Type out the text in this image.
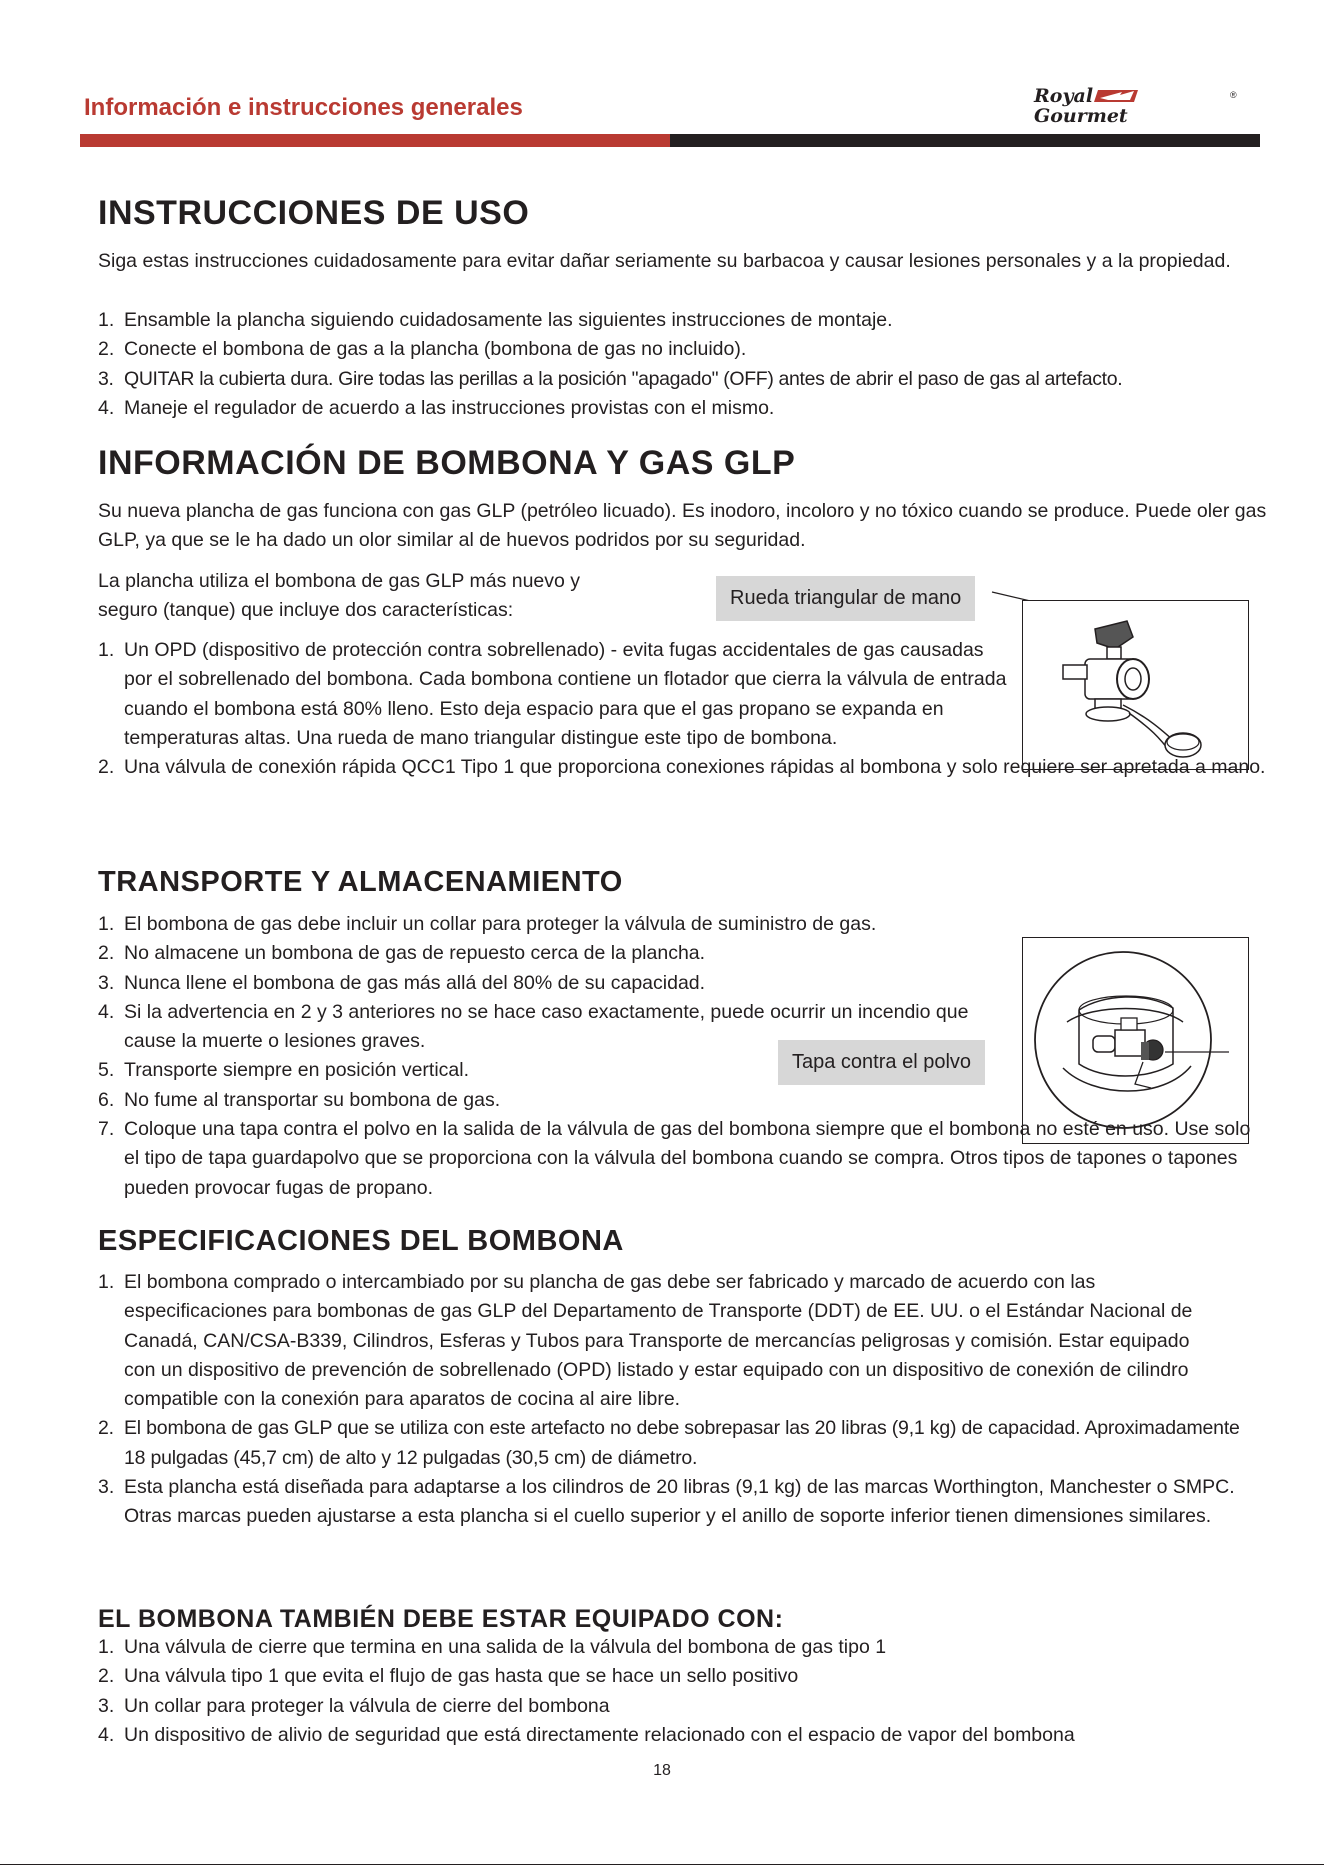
Información e instrucciones generales	Royal
Gourmet
®
INSTRUCCIONES DE USO

Siga estas instrucciones cuidadosamente para evitar dañar seriamente su barbacoa y causar lesiones personales y a la propiedad.

1. Ensamble la plancha siguiendo cuidadosamente las siguientes instrucciones de montaje.
2. Conecte el bombona de gas a la plancha (bombona de gas no incluido).
3. QUITAR la cubierta dura. Gire todas las perillas a la posición "apagado" (OFF) antes de abrir el paso de gas al artefacto.
4. Maneje el regulador de acuerdo a las instrucciones provistas con el mismo.
INFORMACIÓN DE BOMBONA Y GAS GLP

Su nueva plancha de gas funciona con gas GLP (petróleo licuado). Es inodoro, incoloro y no tóxico cuando se produce. Puede oler gas GLP, ya que se le ha dado un olor similar al de huevos podridos por su seguridad.

La plancha utiliza el bombona de gas GLP más nuevo y seguro (tanque) que incluye dos características:

Rueda triangular de mano
1. Un OPD (dispositivo de protección contra sobrellenado) - evita fugas accidentales de gas causadas por el sobrellenado del bombona. Cada bombona contiene un flotador que cierra la válvula de entrada cuando el bombona está 80% lleno. Esto deja espacio para que el gas propano se expanda en temperaturas altas. Una rueda de mano triangular distingue este tipo de bombona.
2. Una válvula de conexión rápida QCC1 Tipo 1 que proporciona conexiones rápidas al bombona y solo requiere ser apretada a mano.
TRANSPORTE Y ALMACENAMIENTO
Tapa contra el polvo
1. El bombona de gas debe incluir un collar para proteger la válvula de suministro de gas.
2. No almacene un bombona de gas de repuesto cerca de la plancha.
3. Nunca llene el bombona de gas más allá del 80% de su capacidad.
4. Si la advertencia en 2 y 3 anteriores no se hace caso exactamente, puede ocurrir un incendio que cause la muerte o lesiones graves.
5. Transporte siempre en posición vertical.
6. No fume al transportar su bombona de gas.
7. Coloque una tapa contra el polvo en la salida de la válvula de gas del bombona siempre que el bombona no esté en uso. Use solo el tipo de tapa guardapolvo que se proporciona con la válvula del bombona cuando se compra. Otros tipos de tapones o tapones pueden provocar fugas de propano.
ESPECIFICACIONES DEL BOMBONA
1. El bombona comprado o intercambiado por su plancha de gas debe ser fabricado y marcado de acuerdo con las especificaciones para bombonas de gas GLP del Departamento de Transporte (DDT) de EE. UU. o el Estándar Nacional de Canadá, CAN/CSA-B339, Cilindros, Esferas y Tubos para Transporte de mercancías peligrosas y comisión. Estar equipado con un dispositivo de prevención de sobrellenado (OPD) listado y estar equipado con un dispositivo de conexión de cilindro compatible con la conexión para aparatos de cocina al aire libre.
2. El bombona de gas GLP que se utiliza con este artefacto no debe sobrepasar las 20 libras (9,1 kg) de capacidad. Aproximadamente 18 pulgadas (45,7 cm) de alto y 12 pulgadas (30,5 cm) de diámetro.
3. Esta plancha está diseñada para adaptarse a los cilindros de 20 libras (9,1 kg) de las marcas Worthington, Manchester o SMPC. Otras marcas pueden ajustarse a esta plancha si el cuello superior y el anillo de soporte inferior tienen dimensiones similares.
EL BOMBONA TAMBIÉN DEBE ESTAR EQUIPADO CON:
1. Una válvula de cierre que termina en una salida de la válvula del bombona de gas tipo 1
2. Una válvula tipo 1 que evita el flujo de gas hasta que se hace un sello positivo
3. Un collar para proteger la válvula de cierre del bombona
4. Un dispositivo de alivio de seguridad que está directamente relacionado con el espacio de vapor del bombona
18
